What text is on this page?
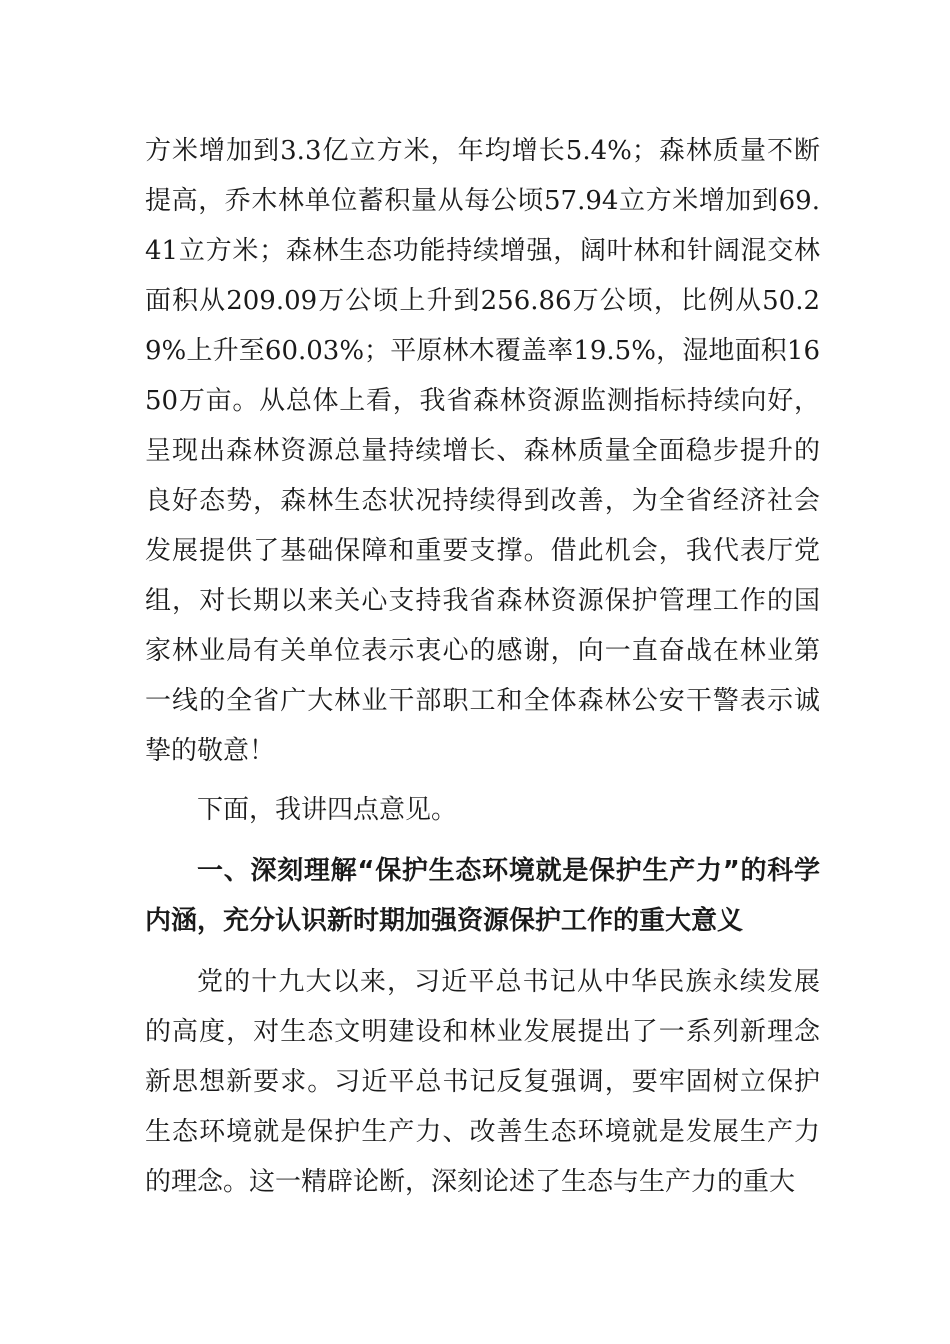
方米增加到3.3亿立方米，年均增长5.4%；森林质量不断提高，乔木林单位蓄积量从每公顷57.94立方米增加到69.41立方米；森林生态功能持续增强，阔叶林和针阔混交林面积从209.09万公顷上升到256.86万公顷，比例从50.29%上升至60.03%；平原林木覆盖率19.5%，湿地面积1650万亩。从总体上看，我省森林资源监测指标持续向好，呈现出森林资源总量持续增长、森林质量全面稳步提升的良好态势，森林生态状况持续得到改善，为全省经济社会发展提供了基础保障和重要支撑。借此机会，我代表厅党组，对长期以来关心支持我省森林资源保护管理工作的国家林业局有关单位表示衷心的感谢，向一直奋战在林业第一线的全省广大林业干部职工和全体森林公安干警表示诚挚的敬意！

下面，我讲四点意见。

一、深刻理解“保护生态环境就是保护生产力”的科学内涵，充分认识新时期加强资源保护工作的重大意义

党的十九大以来，习近平总书记从中华民族永续发展的高度，对生态文明建设和林业发展提出了一系列新理念新思想新要求。习近平总书记反复强调，要牢固树立保护生态环境就是保护生产力、改善生态环境就是发展生产力的理念。这一精辟论断，深刻论述了生态与生产力的重大
